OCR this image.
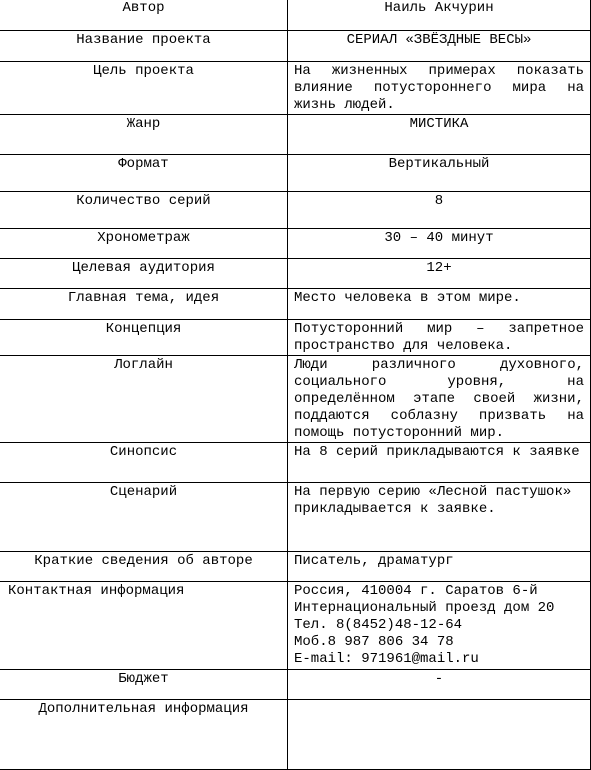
Автор	Наиль Акчурин
Название проекта	СЕРИАЛ «ЗВЁЗДНЫЕ ВЕСЫ»
Цель проекта	На жизненных примерах показать влияние потустороннего мира на жизнь людей.
Жанр	МИСТИКА
Формат	Вертикальный
Количество серий	8
Хронометраж	30 – 40 минут
Целевая аудитория	12+
Главная тема, идея	Место человека в этом мире.
Концепция	Потусторонний мир – запретное пространство для человека.
Логлайн	Люди различного духовного, социального уровня, на определённом этапе своей жизни, поддаются соблазну призвать на помощь потусторонний мир.
Синопсис	На 8 серий прикладываются к заявке
Сценарий	На первую серию «Лесной пастушок» прикладывается к заявке.
Краткие сведения об авторе	Писатель, драматург
Контактная информация	Россия, 410004 г. Саратов 6-й
Интернациональный проезд дом 20
Тел. 8(8452)48-12-64
Моб.8 987 806 34 78
E-mail: 971961@mail.ru

Бюджет	-
Дополнительная информация	
